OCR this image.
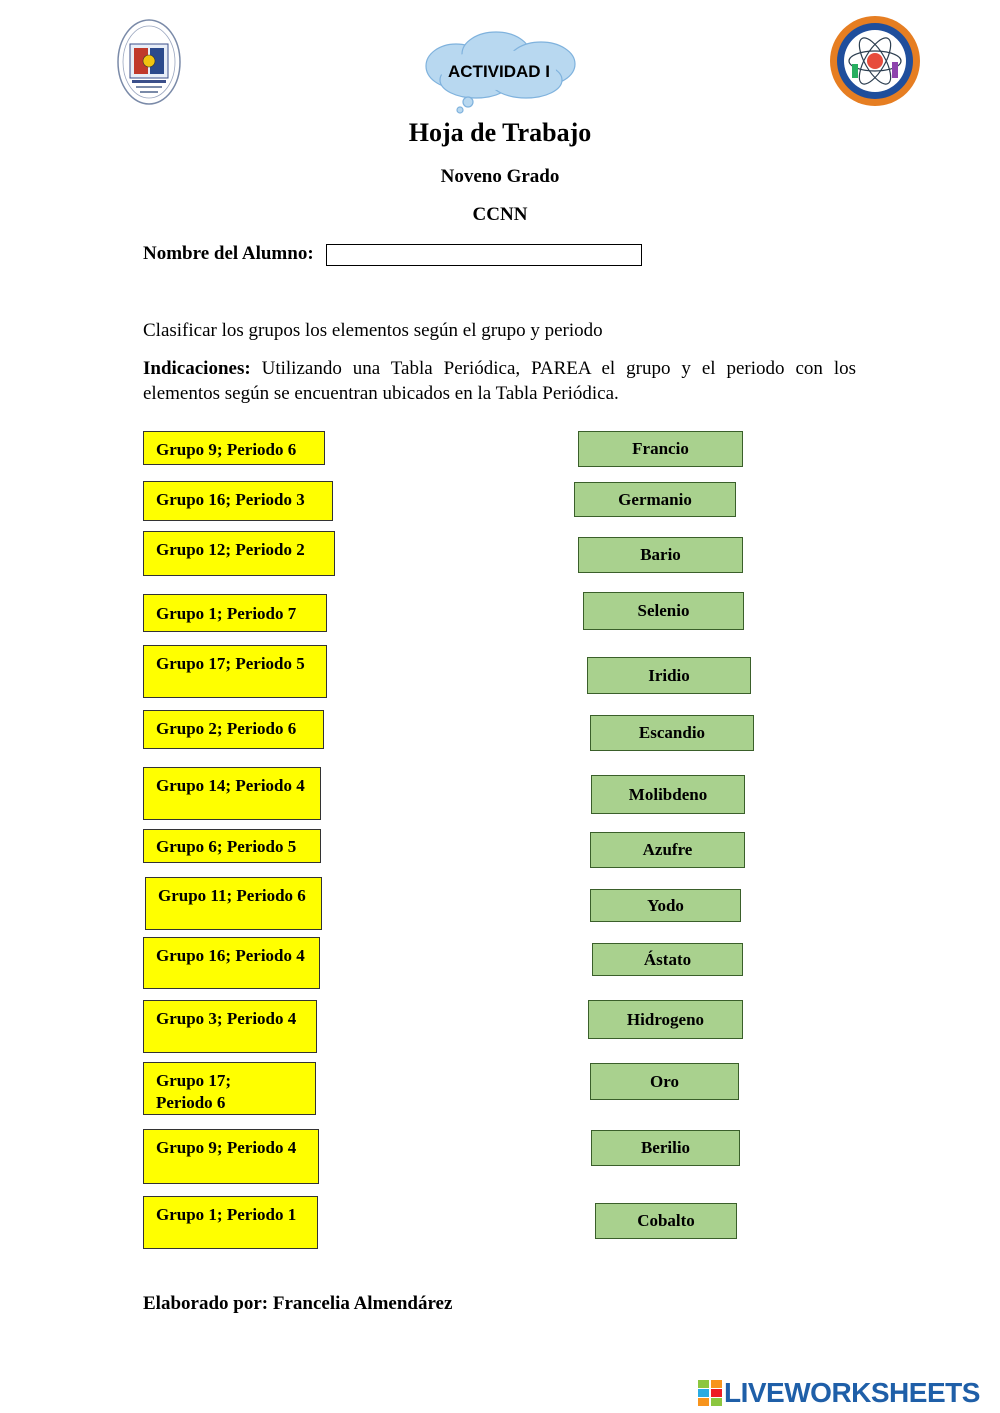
ACTIVIDAD I
Hoja de Trabajo
Noveno Grado
CCNN
Nombre del Alumno:
Clasificar los grupos los elementos según el grupo y periodo
Indicaciones: Utilizando una Tabla Periódica, PAREA el grupo y el periodo con los elementos según se encuentran ubicados en la Tabla Periódica.
Grupo 9; Periodo 6
Grupo 16; Periodo 3
Grupo 12; Periodo 2
Grupo 1; Periodo 7
Grupo 17; Periodo 5
Grupo 2; Periodo 6
Grupo 14; Periodo 4
Grupo 6; Periodo 5
Grupo 11; Periodo 6
Grupo 16; Periodo 4
Grupo 3; Periodo 4
Grupo 17; Periodo 6
Grupo 9; Periodo 4
Grupo 1; Periodo 1
Francio
Germanio
Bario
Selenio
Iridio
Escandio
Molibdeno
Azufre
Yodo
Ástato
Hidrogeno
Oro
Berilio
Cobalto
Elaborado por: Francelia Almendárez
LIVEWORKSHEETS
